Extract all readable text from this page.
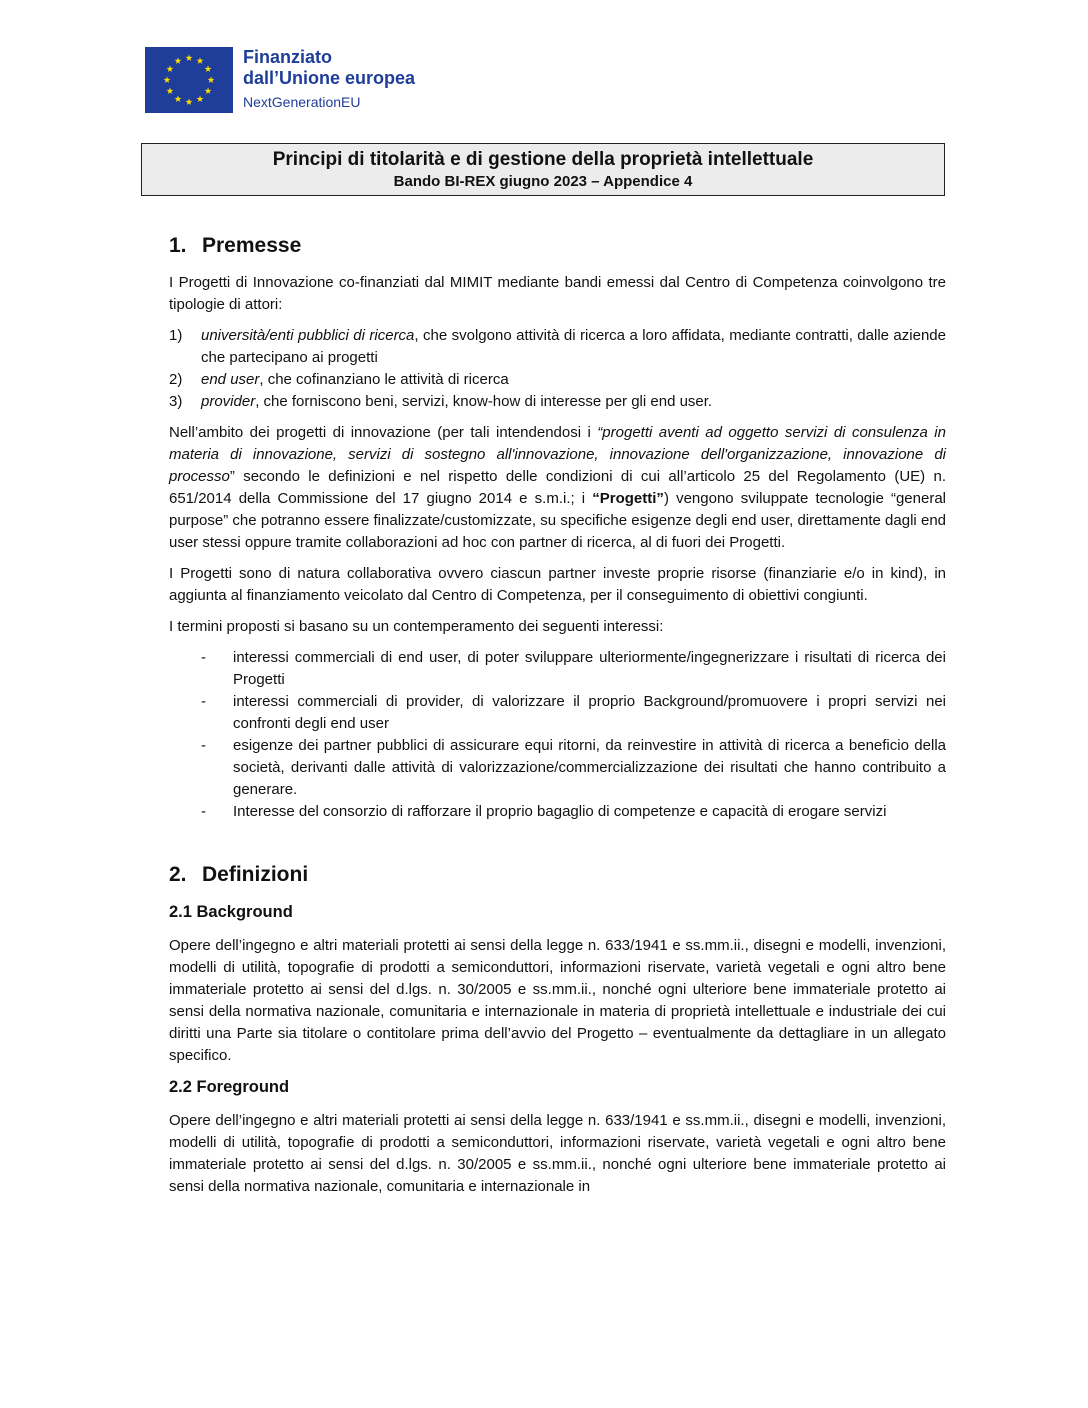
Finanziato
dall’Unione europea
NextGenerationEU
Principi di titolarità e di gestione della proprietà intellettuale
Bando BI-REX giugno 2023 – Appendice 4
1. Premesse

I Progetti di Innovazione co-finanziati dal MIMIT mediante bandi emessi dal Centro di Competenza coinvolgono tre tipologie di attori:

1)	università/enti pubblici di ricerca, che svolgono attività di ricerca a loro affidata, mediante contratti, dalle aziende che partecipano ai progetti
2)	end user, che cofinanziano le attività di ricerca
3)	provider, che forniscono beni, servizi, know-how di interesse per gli end user.

Nell’ambito dei progetti di innovazione (per tali intendendosi i “progetti aventi ad oggetto servizi di consulenza in materia di innovazione, servizi di sostegno all'innovazione, innovazione dell'organizzazione, innovazione di processo” secondo le definizioni e nel rispetto delle condizioni di cui all’articolo 25 del Regolamento (UE) n. 651/2014 della Commissione del 17 giugno 2014 e s.m.i.; i “Progetti”) vengono sviluppate tecnologie “general purpose” che potranno essere finalizzate/customizzate, su specifiche esigenze degli end user, direttamente dagli end user stessi oppure tramite collaborazioni ad hoc con partner di ricerca, al di fuori dei Progetti.

I Progetti sono di natura collaborativa ovvero ciascun partner investe proprie risorse (finanziarie e/o in kind), in aggiunta al finanziamento veicolato dal Centro di Competenza, per il conseguimento di obiettivi congiunti.

I termini proposti si basano su un contemperamento dei seguenti interessi:

-	interessi commerciali di end user, di poter sviluppare ulteriormente/ingegnerizzare i risultati di ricerca dei Progetti
-	interessi commerciali di provider, di valorizzare il proprio Background/promuovere i propri servizi nei confronti degli end user
-	esigenze dei partner pubblici di assicurare equi ritorni, da reinvestire in attività di ricerca a beneficio della società, derivanti dalle attività di valorizzazione/commercializzazione dei risultati che hanno contribuito a generare.
-	Interesse del consorzio di rafforzare il proprio bagaglio di competenze e capacità di erogare servizi
2. Definizioni
2.1 Background

Opere dell’ingegno e altri materiali protetti ai sensi della legge n. 633/1941 e ss.mm.ii., disegni e modelli, invenzioni, modelli di utilità, topografie di prodotti a semiconduttori, informazioni riservate, varietà vegetali e ogni altro bene immateriale protetto ai sensi del d.lgs. n. 30/2005 e ss.mm.ii., nonché ogni ulteriore bene immateriale protetto ai sensi della normativa nazionale, comunitaria e internazionale in materia di proprietà intellettuale e industriale dei cui diritti una Parte sia titolare o contitolare prima dell’avvio del Progetto – eventualmente da dettagliare in un allegato specifico.

2.2 Foreground

Opere dell’ingegno e altri materiali protetti ai sensi della legge n. 633/1941 e ss.mm.ii., disegni e modelli, invenzioni, modelli di utilità, topografie di prodotti a semiconduttori, informazioni riservate, varietà vegetali e ogni altro bene immateriale protetto ai sensi del d.lgs. n. 30/2005 e ss.mm.ii., nonché ogni ulteriore bene immateriale protetto ai sensi della normativa nazionale, comunitaria e internazionale in
